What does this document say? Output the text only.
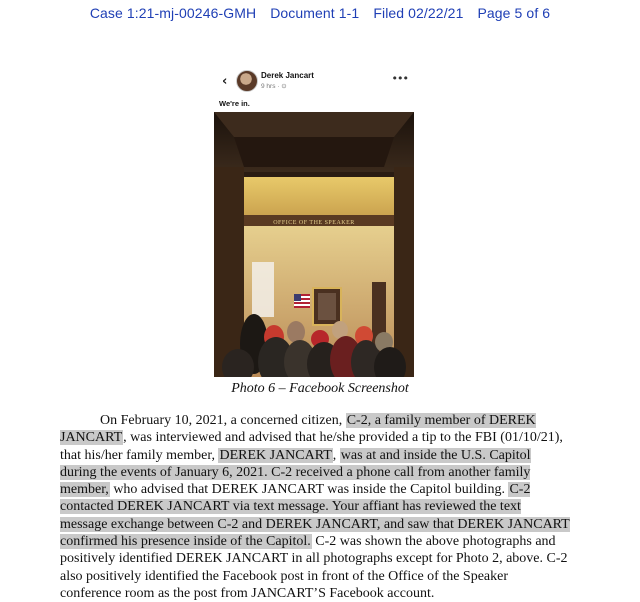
Case 1:21-mj-00246-GMH Document 1-1 Filed 02/22/21 Page 5 of 6
‹	Derek Jancart
9 hrs · ⊙
•••
We're in.
OFFICE OF THE SPEAKER
Photo 6 – Facebook Screenshot
On February 10, 2021, a concerned citizen, C-2, a family member of DEREK JANCART, was interviewed and advised that he/she provided a tip to the FBI (01/10/21), that his/her family member, DEREK JANCART, was at and inside the U.S. Capitol during the events of January 6, 2021. C-2 received a phone call from another family member, who advised that DEREK JANCART was inside the Capitol building. C-2 contacted DEREK JANCART via text message. Your affiant has reviewed the text message exchange between C-2 and DEREK JANCART, and saw that DEREK JANCART confirmed his presence inside of the Capitol. C-2 was shown the above photographs and positively identified DEREK JANCART in all photographs except for Photo 2, above. C-2 also positively identified the Facebook post in front of the Office of the Speaker conference room as the post from JANCART’S Facebook account.
